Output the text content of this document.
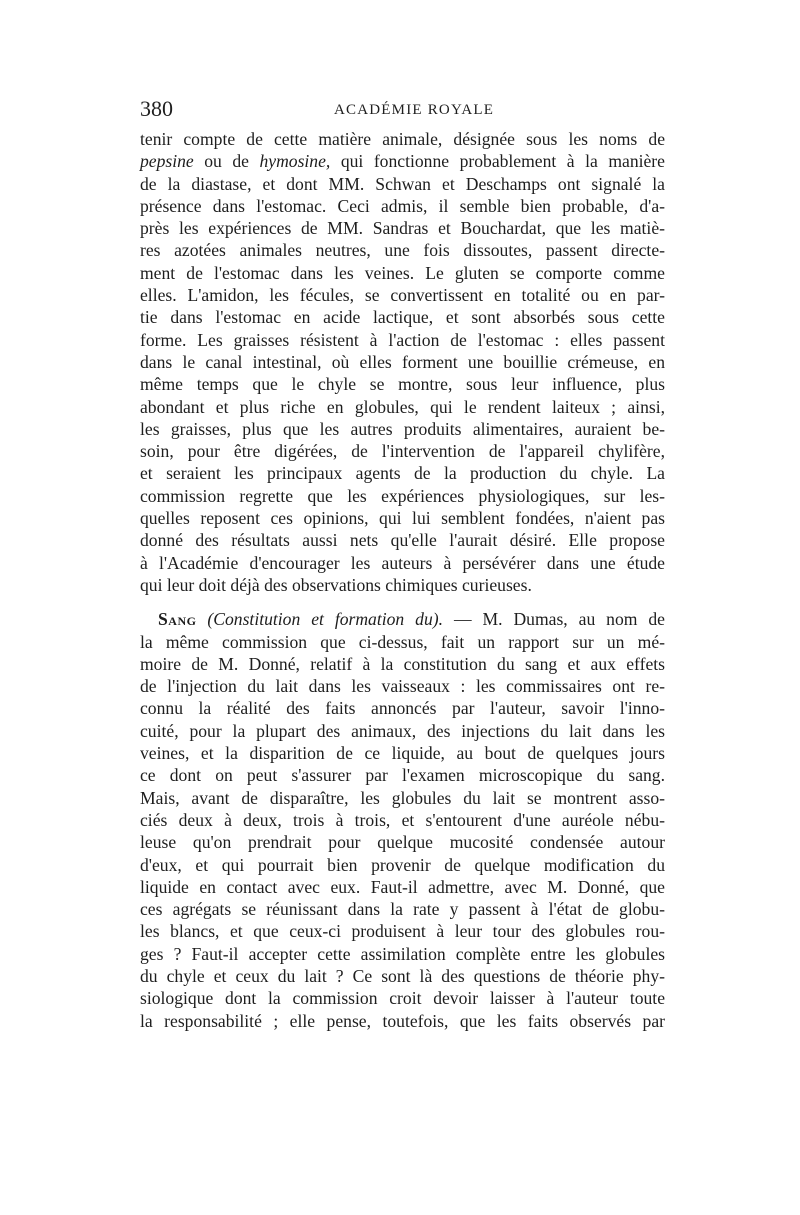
380	ACADÉMIE ROYALE
tenir compte de cette matière animale, désignée sous les noms de
pepsine ou de hymosine, qui fonctionne probablement à la manière
de la diastase, et dont MM. Schwan et Deschamps ont signalé la
présence dans l'estomac. Ceci admis, il semble bien probable, d'a-
près les expériences de MM. Sandras et Bouchardat, que les matiè-
res azotées animales neutres, une fois dissoutes, passent directe-
ment de l'estomac dans les veines. Le gluten se comporte comme
elles. L'amidon, les fécules, se convertissent en totalité ou en par-
tie dans l'estomac en acide lactique, et sont absorbés sous cette
forme. Les graisses résistent à l'action de l'estomac : elles passent
dans le canal intestinal, où elles forment une bouillie crémeuse, en
même temps que le chyle se montre, sous leur influence, plus
abondant et plus riche en globules, qui le rendent laiteux ; ainsi,
les graisses, plus que les autres produits alimentaires, auraient be-
soin, pour être digérées, de l'intervention de l'appareil chylifère,
et seraient les principaux agents de la production du chyle. La
commission regrette que les expériences physiologiques, sur les-
quelles reposent ces opinions, qui lui semblent fondées, n'aient pas
donné des résultats aussi nets qu'elle l'aurait désiré. Elle propose
à l'Académie d'encourager les auteurs à persévérer dans une étude
qui leur doit déjà des observations chimiques curieuses.
Sang (Constitution et formation du). — M. Dumas, au nom de
la même commission que ci-dessus, fait un rapport sur un mé-
moire de M. Donné, relatif à la constitution du sang et aux effets
de l'injection du lait dans les vaisseaux : les commissaires ont re-
connu la réalité des faits annoncés par l'auteur, savoir l'inno-
cuité, pour la plupart des animaux, des injections du lait dans les
veines, et la disparition de ce liquide, au bout de quelques jours
ce dont on peut s'assurer par l'examen microscopique du sang.
Mais, avant de disparaître, les globules du lait se montrent asso-
ciés deux à deux, trois à trois, et s'entourent d'une auréole nébu-
leuse qu'on prendrait pour quelque mucosité condensée autour
d'eux, et qui pourrait bien provenir de quelque modification du
liquide en contact avec eux. Faut-il admettre, avec M. Donné, que
ces agrégats se réunissant dans la rate y passent à l'état de globu-
les blancs, et que ceux-ci produisent à leur tour des globules rou-
ges ? Faut-il accepter cette assimilation complète entre les globules
du chyle et ceux du lait ? Ce sont là des questions de théorie phy-
siologique dont la commission croit devoir laisser à l'auteur toute
la responsabilité ; elle pense, toutefois, que les faits observés par
